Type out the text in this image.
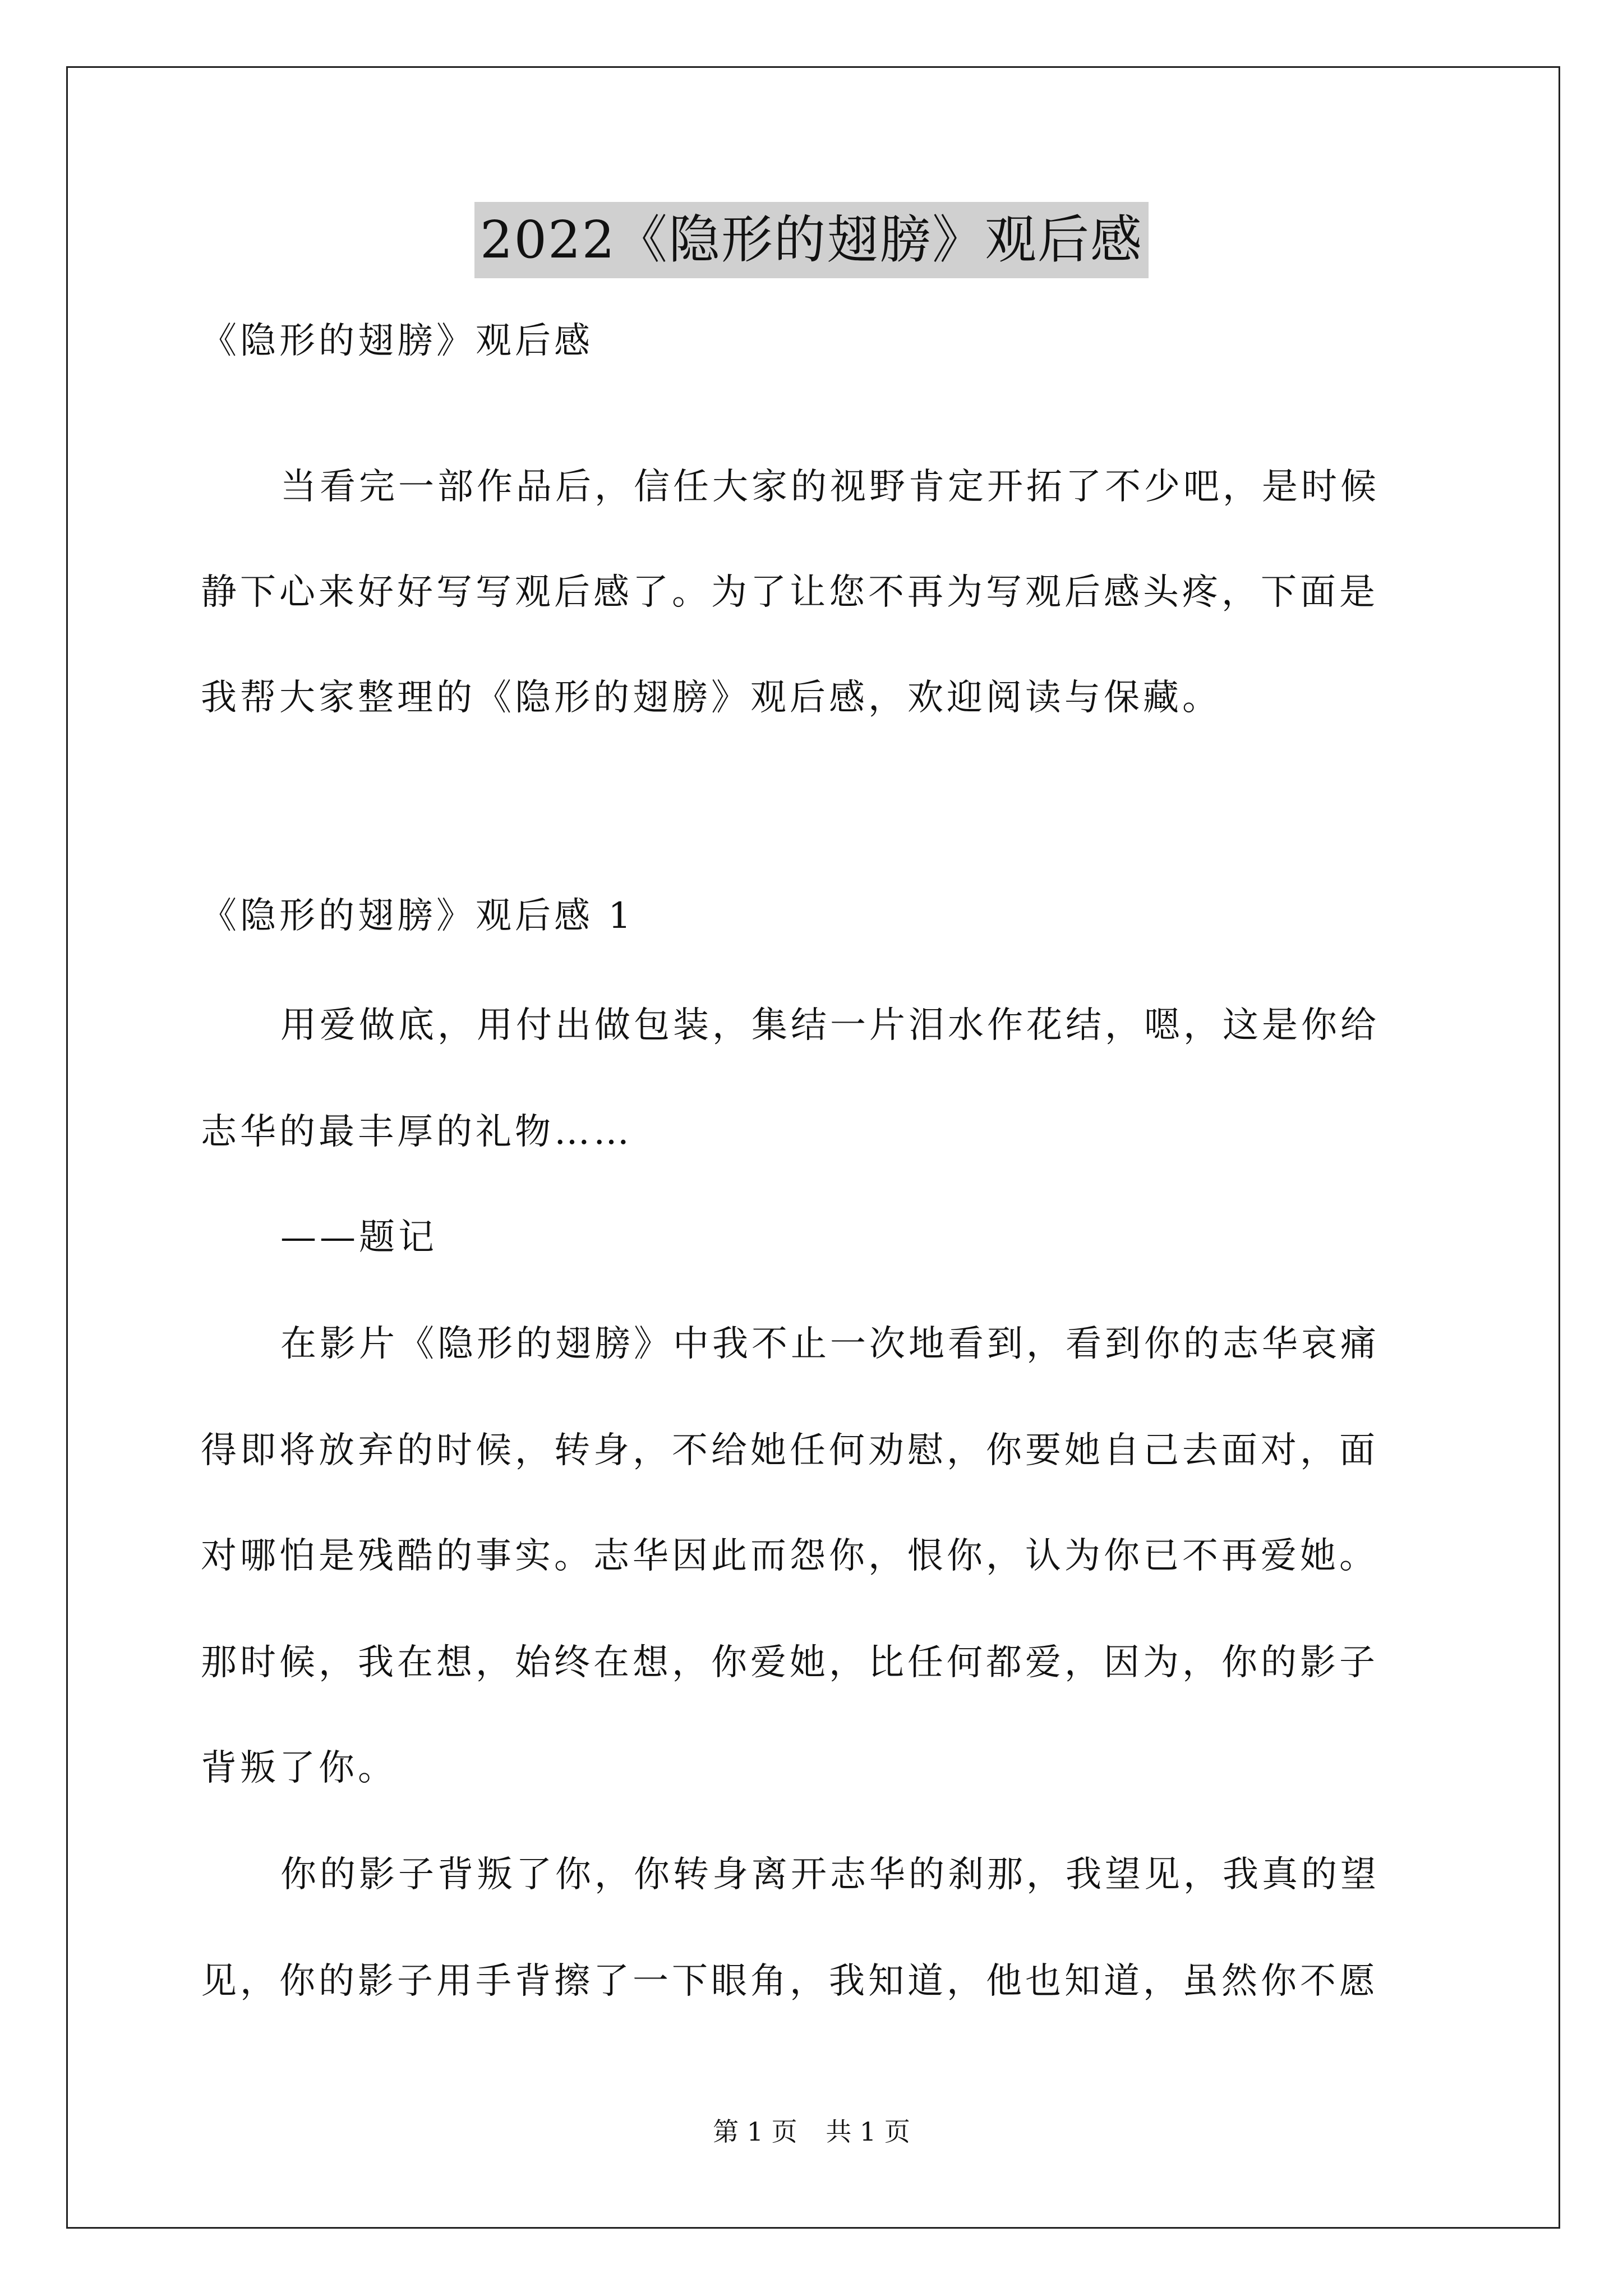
2022《隐形的翅膀》观后感
《隐形的翅膀》观后感
当看完一部作品后，信任大家的视野肯定开拓了不少吧，是时候
静下心来好好写写观后感了。为了让您不再为写观后感头疼，下面是
我帮大家整理的《隐形的翅膀》观后感，欢迎阅读与保藏。
《隐形的翅膀》观后感 1
用爱做底，用付出做包装，集结一片泪水作花结，嗯，这是你给
志华的最丰厚的礼物……
——题记
在影片《隐形的翅膀》中我不止一次地看到，看到你的志华哀痛
得即将放弃的时候，转身，不给她任何劝慰，你要她自己去面对，面
对哪怕是残酷的事实。志华因此而怨你，恨你，认为你已不再爱她。
那时候，我在想，始终在想，你爱她，比任何都爱，因为，你的影子
背叛了你。
你的影子背叛了你，你转身离开志华的刹那，我望见，我真的望
见，你的影子用手背擦了一下眼角，我知道，他也知道，虽然你不愿
第 1 页 共 1 页
